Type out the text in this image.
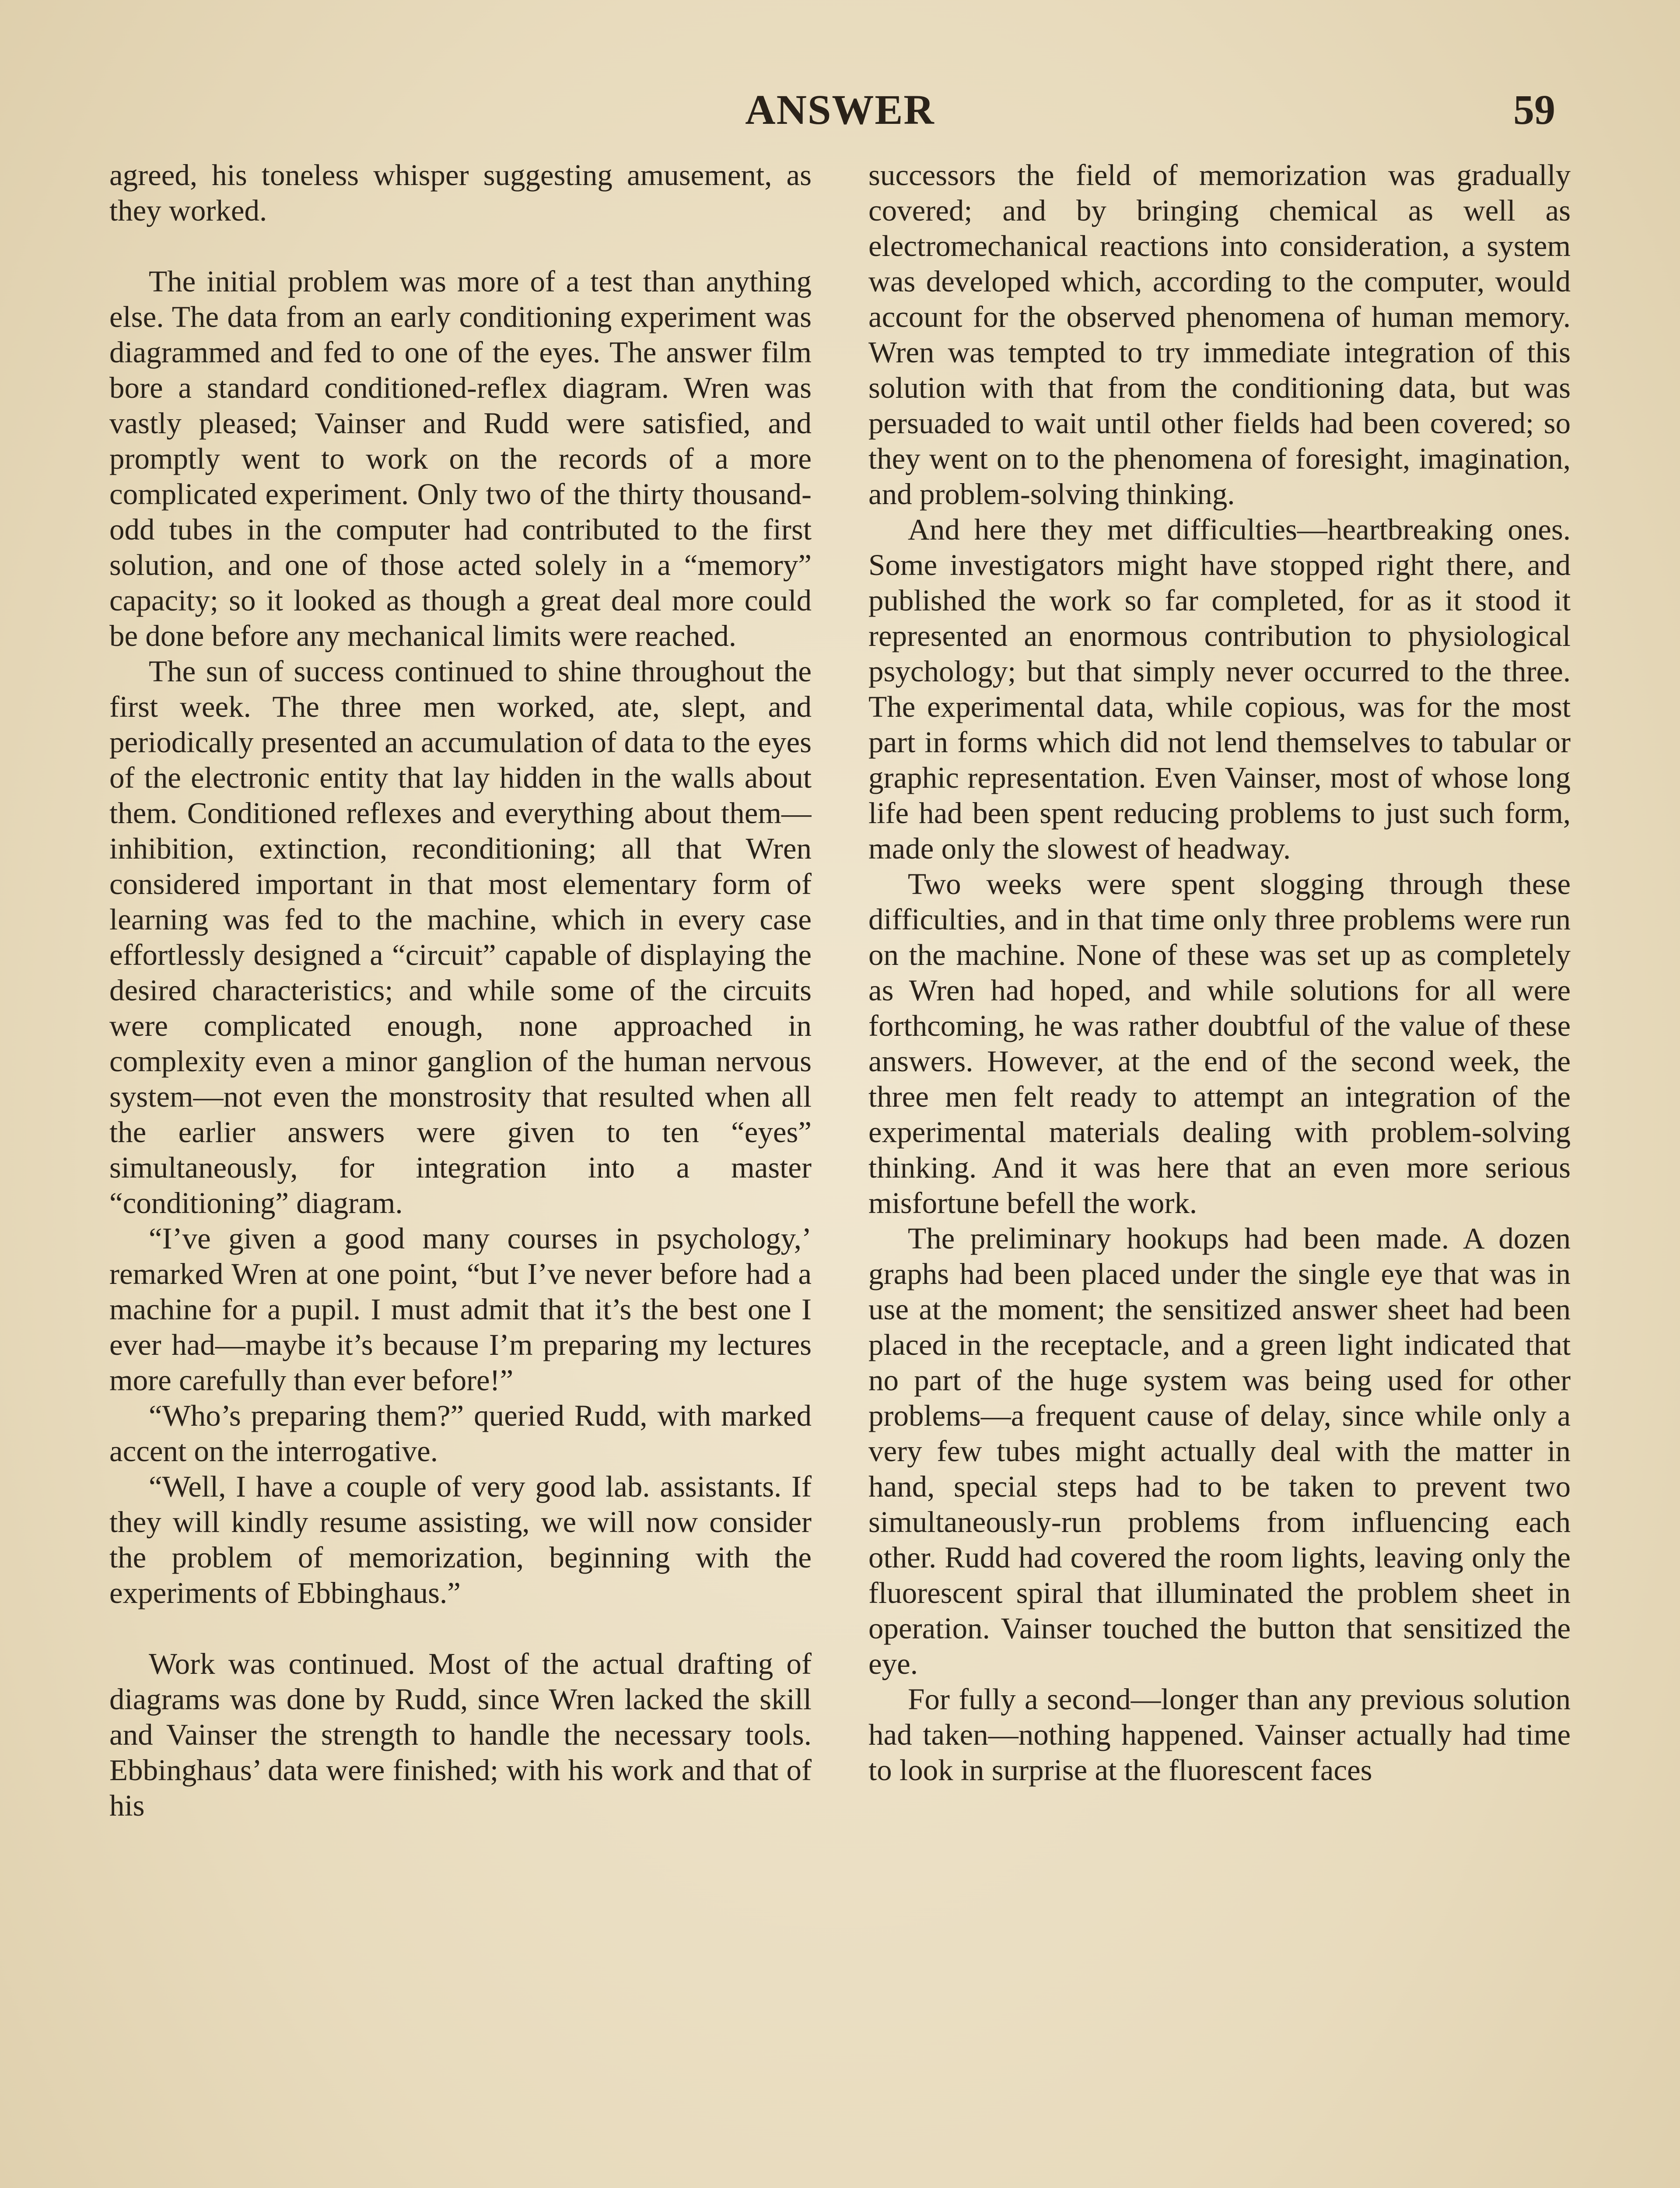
ANSWER	59

agreed, his toneless whisper suggesting amusement, as they worked.

The initial problem was more of a test than anything else. The data from an early conditioning experiment was diagrammed and fed to one of the eyes. The answer film bore a standard conditioned-reflex diagram. Wren was vastly pleased; Vainser and Rudd were satisfied, and promptly went to work on the records of a more complicated experiment. Only two of the thirty thousand-odd tubes in the computer had contributed to the first solution, and one of those acted solely in a “memory” capacity; so it looked as though a great deal more could be done before any mechanical limits were reached.

The sun of success continued to shine throughout the first week. The three men worked, ate, slept, and periodically presented an accumulation of data to the eyes of the electronic entity that lay hidden in the walls about them. Conditioned reflexes and everything about them—inhibition, extinction, reconditioning; all that Wren considered important in that most elementary form of learning was fed to the machine, which in every case effortlessly designed a “circuit” capable of displaying the desired characteristics; and while some of the circuits were complicated enough, none approached in complexity even a minor ganglion of the human nervous system—not even the monstrosity that resulted when all the earlier answers were given to ten “eyes” simultaneously, for integration into a master “conditioning” diagram.

“I’ve given a good many courses in psychology,’ remarked Wren at one point, “but I’ve never before had a machine for a pupil. I must admit that it’s the best one I ever had—maybe it’s because I’m preparing my lectures more carefully than ever before!”

“Who’s preparing them?” queried Rudd, with marked accent on the interrogative.

“Well, I have a couple of very good lab. assistants. If they will kindly resume assisting, we will now consider the problem of memorization, beginning with the experiments of Ebbinghaus.”

Work was continued. Most of the actual drafting of diagrams was done by Rudd, since Wren lacked the skill and Vainser the strength to handle the necessary tools. Ebbinghaus’ data were finished; with his work and that of his

successors the field of memorization was gradually covered; and by bringing chemical as well as electromechanical reactions into consideration, a system was developed which, according to the computer, would account for the observed phenomena of human memory. Wren was tempted to try immediate integration of this solution with that from the conditioning data, but was persuaded to wait until other fields had been covered; so they went on to the phenomena of foresight, imagination, and problem-solving thinking.

And here they met difficulties—heartbreaking ones. Some investigators might have stopped right there, and published the work so far completed, for as it stood it represented an enormous contribution to physiological psychology; but that simply never occurred to the three. The experimental data, while copious, was for the most part in forms which did not lend themselves to tabular or graphic representation. Even Vainser, most of whose long life had been spent reducing problems to just such form, made only the slowest of headway.

Two weeks were spent slogging through these difficulties, and in that time only three problems were run on the machine. None of these was set up as completely as Wren had hoped, and while solutions for all were forthcoming, he was rather doubtful of the value of these answers. However, at the end of the second week, the three men felt ready to attempt an integration of the experimental materials dealing with problem-solving thinking. And it was here that an even more serious misfortune befell the work.

The preliminary hookups had been made. A dozen graphs had been placed under the single eye that was in use at the moment; the sensitized answer sheet had been placed in the receptacle, and a green light indicated that no part of the huge system was being used for other problems—a frequent cause of delay, since while only a very few tubes might actually deal with the matter in hand, special steps had to be taken to prevent two simultaneously-run problems from influencing each other. Rudd had covered the room lights, leaving only the fluorescent spiral that illuminated the problem sheet in operation. Vainser touched the button that sensitized the eye.

For fully a second—longer than any previous solution had taken—nothing happened. Vainser actually had time to look in surprise at the fluorescent faces
